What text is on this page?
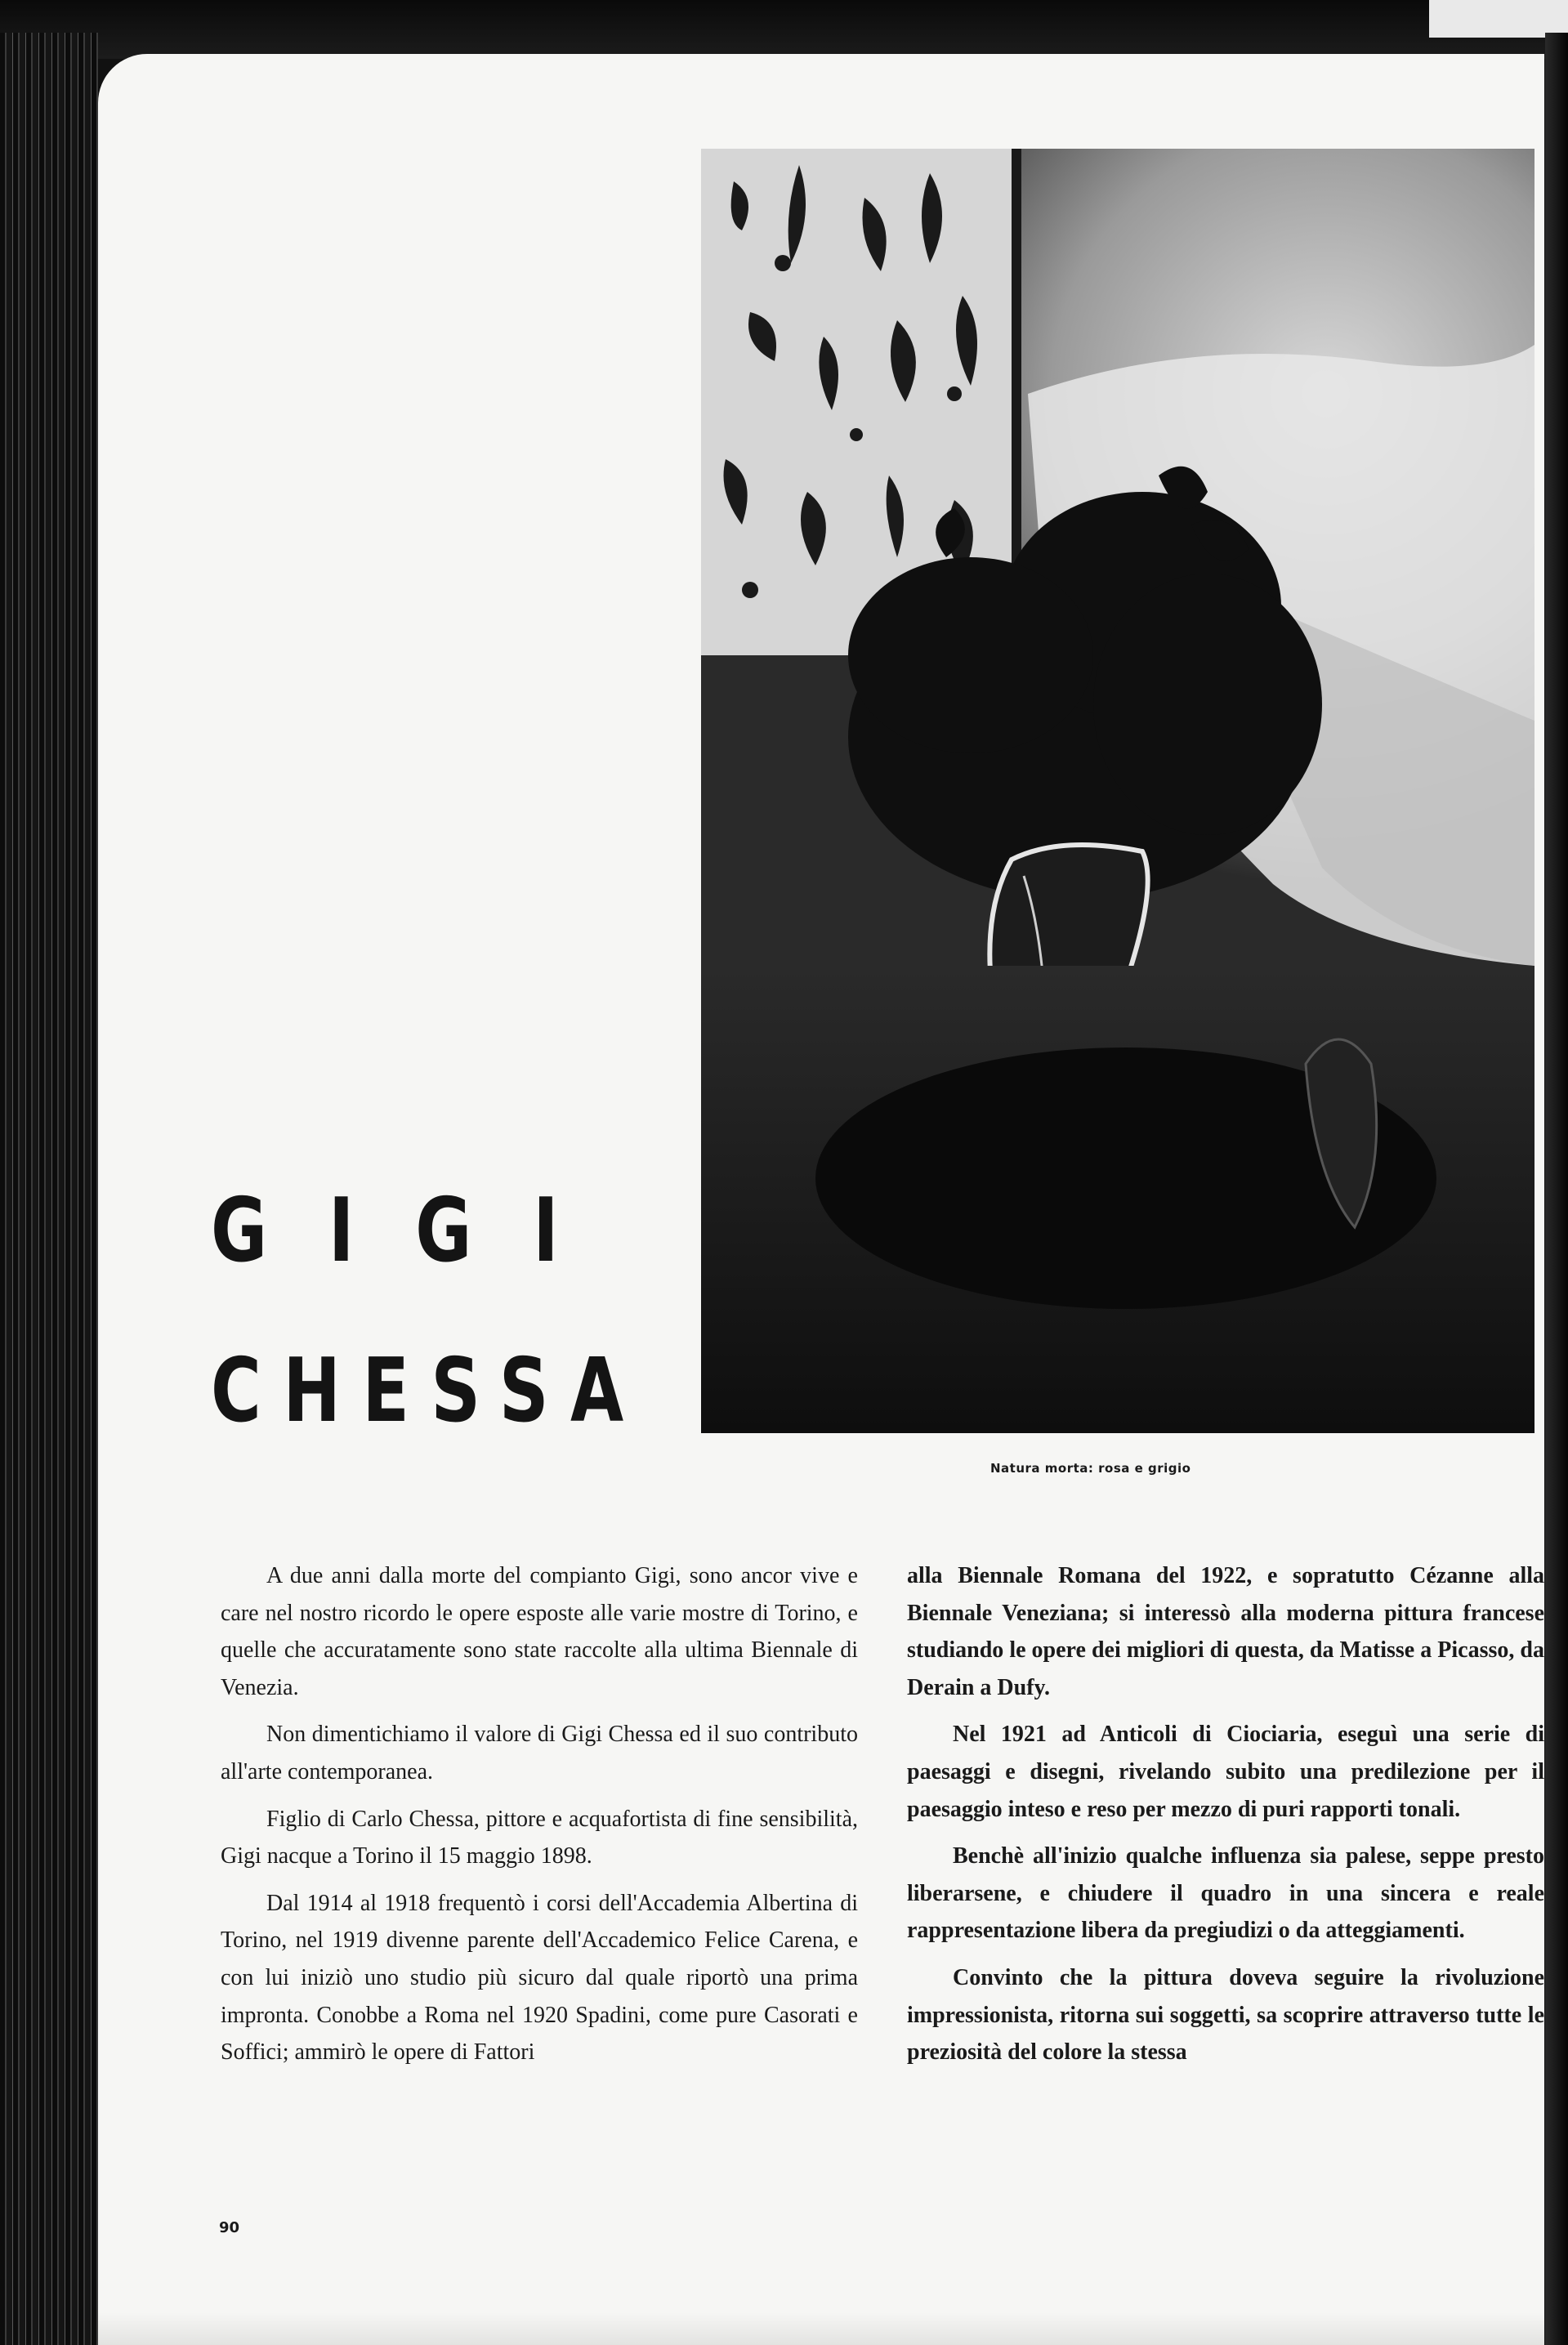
GIGI
CHESSA
Natura morta: rosa e grigio

A due anni dalla morte del compianto Gigi, sono ancor vive e care nel nostro ricordo le opere esposte alle varie mostre di Torino, e quelle che accuratamente sono state raccolte alla ultima Biennale di Venezia.

Non dimentichiamo il valore di Gigi Chessa ed il suo contributo all'arte contemporanea.

Figlio di Carlo Chessa, pittore e acquafortista di fine sensibilità, Gigi nacque a Torino il 15 maggio 1898.

Dal 1914 al 1918 frequentò i corsi dell'Accademia Albertina di Torino, nel 1919 divenne parente dell'Accademico Felice Carena, e con lui iniziò uno studio più sicuro dal quale riportò una prima impronta. Conobbe a Roma nel 1920 Spadini, come pure Casorati e Soffici; ammirò le opere di Fattori

alla Biennale Romana del 1922, e sopratutto Cézanne alla Biennale Veneziana; si interessò alla moderna pittura francese studiando le opere dei migliori di questa, da Matisse a Picasso, da Derain a Dufy.

Nel 1921 ad Anticoli di Ciociaria, eseguì una serie di paesaggi e disegni, rivelando subito una predilezione per il paesaggio inteso e reso per mezzo di puri rapporti tonali.

Benchè all'inizio qualche influenza sia palese, seppe presto liberarsene, e chiudere il quadro in una sincera e reale rappresentazione libera da pregiudizi o da atteggiamenti.

Convinto che la pittura doveva seguire la rivoluzione impressionista, ritorna sui soggetti, sa scoprire attraverso tutte le preziosità del colore la stessa

90
